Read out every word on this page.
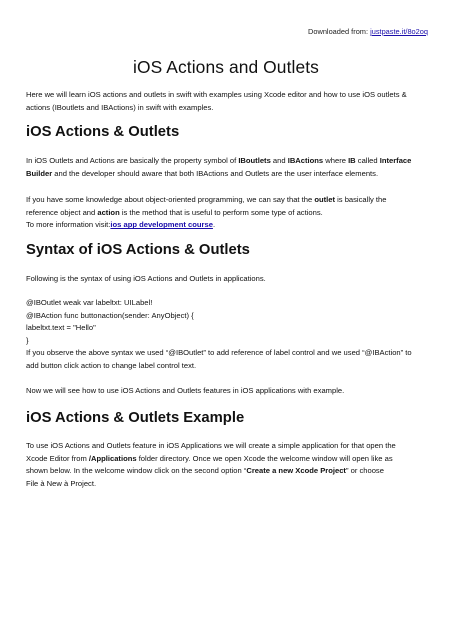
Downloaded from: justpaste.it/8o2oq
iOS Actions and Outlets

Here we will learn iOS actions and outlets in swift with examples using Xcode editor and how to use iOS outlets &
actions (IBoutlets and IBActions) in swift with examples.

iOS Actions & Outlets

In iOS Outlets and Actions are basically the property symbol of IBoutlets and IBActions where IB called Interface
Builder and the developer should aware that both IBActions and Outlets are the user interface elements.

If you have some knowledge about object-oriented programming, we can say that the outlet is basically the
reference object and action is the method that is useful to perform some type of actions.
To more information visit:ios app development course.

Syntax of iOS Actions & Outlets

Following is the syntax of using iOS Actions and Outlets in applications.

@IBOutlet weak var labeltxt: UILabel!
@IBAction func buttonaction(sender: AnyObject) {
labeltxt.text = "Hello"
}
If you observe the above syntax we used “@IBOutlet” to add reference of label control and we used “@IBAction” to
add button click action to change label control text.

Now we will see how to use iOS Actions and Outlets features in iOS applications with example.

iOS Actions & Outlets Example

To use iOS Actions and Outlets feature in iOS Applications we will create a simple application for that open the
Xcode Editor from /Applications folder directory. Once we open Xcode the welcome window will open like as
shown below. In the welcome window click on the second option “Create a new Xcode Project” or choose
File à New à Project.
